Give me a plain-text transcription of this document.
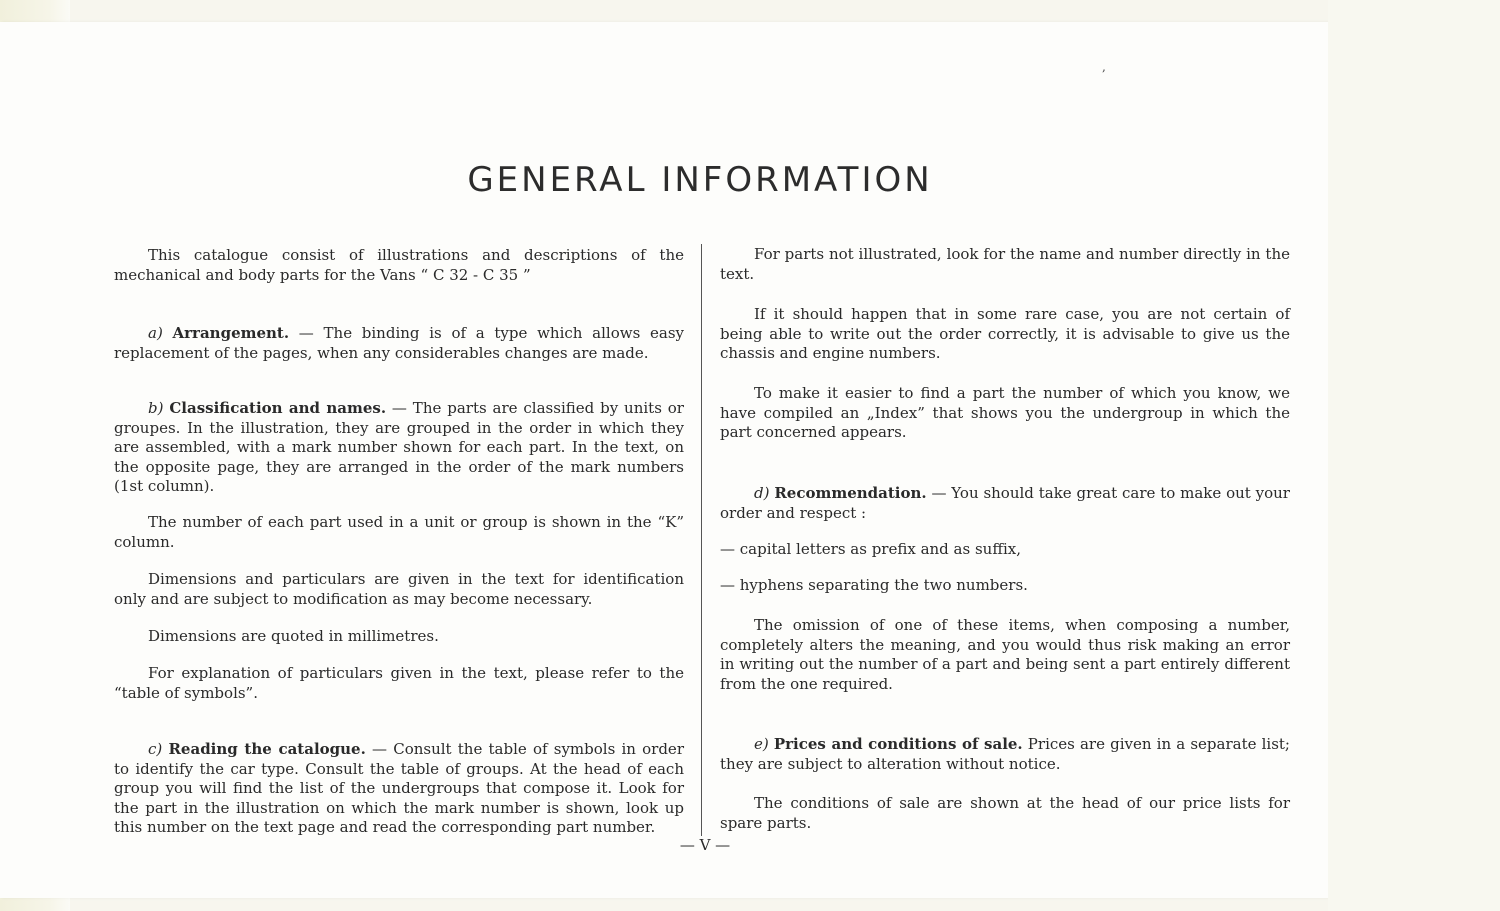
,
GENERAL INFORMATION

This catalogue consist of illustrations and descriptions of the mechanical and body parts for the Vans “ C 32 - C 35 ”

a) Arrangement. — The binding is of a type which allows easy replacement of the pages, when any considerables changes are made.

b) Classification and names. — The parts are classified by units or groupes. In the illustration, they are grouped in the order in which they are assembled, with a mark number shown for each part. In the text, on the opposite page, they are arranged in the order of the mark numbers (1st column).

The number of each part used in a unit or group is shown in the “K” column.

Dimensions and particulars are given in the text for identification only and are subject to modification as may become necessary.

Dimensions are quoted in millimetres.

For explanation of particulars given in the text, please refer to the “table of symbols”.

c) Reading the catalogue. — Consult the table of symbols in order to identify the car type. Consult the table of groups. At the head of each group you will find the list of the undergroups that compose it. Look for the part in the illustration on which the mark number is shown, look up this number on the text page and read the corresponding part number.

For parts not illustrated, look for the name and number directly in the text.

If it should happen that in some rare case, you are not certain of being able to write out the order correctly, it is advisable to give us the chassis and engine numbers.

To make it easier to find a part the number of which you know, we have compiled an „Index” that shows you the undergroup in which the part concerned appears.

d) Recommendation. — You should take great care to make out your order and respect :

— capital letters as prefix and as suffix,

— hyphens separating the two numbers.

The omission of one of these items, when composing a number, completely alters the meaning, and you would thus risk making an error in writing out the number of a part and being sent a part entirely different from the one required.

e) Prices and conditions of sale. Prices are given in a separate list; they are subject to alteration without notice.

The conditions of sale are shown at the head of our price lists for spare parts.

— V —
